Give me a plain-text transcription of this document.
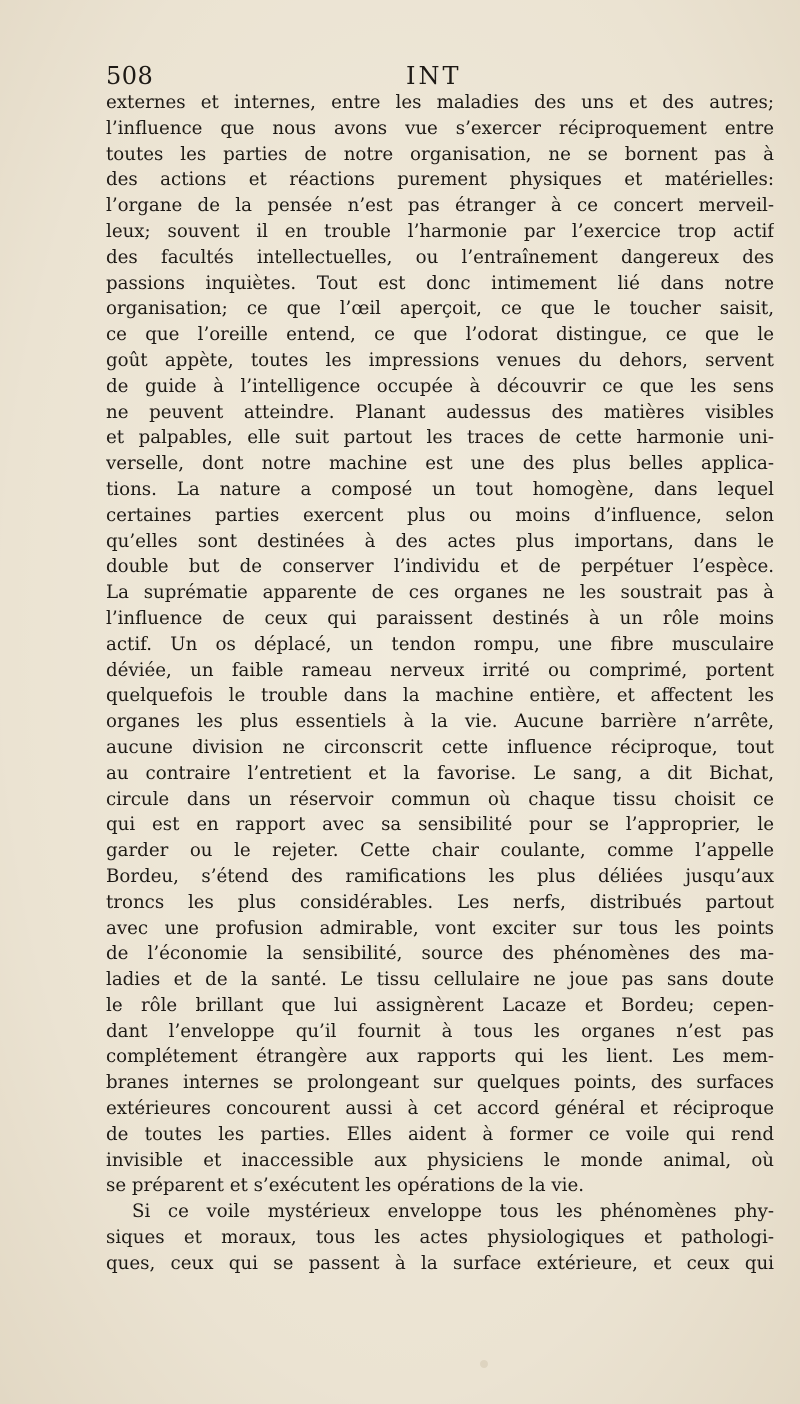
508	INT
externes et internes, entre les maladies des uns et des autres;
l’influence que nous avons vue s’exercer réciproquement entre
toutes les parties de notre organisation, ne se bornent pas à
des actions et réactions purement physiques et matérielles:
l’organe de la pensée n’est pas étranger à ce concert merveil-
leux; souvent il en trouble l’harmonie par l’exercice trop actif
des facultés intellectuelles, ou l’entraînement dangereux des
passions inquiètes. Tout est donc intimement lié dans notre
organisation; ce que l’œil aperçoit, ce que le toucher saisit,
ce que l’oreille entend, ce que l’odorat distingue, ce que le
goût appète, toutes les impressions venues du dehors, servent
de guide à l’intelligence occupée à découvrir ce que les sens
ne peuvent atteindre. Planant audessus des matières visibles
et palpables, elle suit partout les traces de cette harmonie uni-
verselle, dont notre machine est une des plus belles applica-
tions. La nature a composé un tout homogène, dans lequel
certaines parties exercent plus ou moins d’influence, selon
qu’elles sont destinées à des actes plus importans, dans le
double but de conserver l’individu et de perpétuer l’espèce.
La suprématie apparente de ces organes ne les soustrait pas à
l’influence de ceux qui paraissent destinés à un rôle moins
actif. Un os déplacé, un tendon rompu, une fibre musculaire
déviée, un faible rameau nerveux irrité ou comprimé, portent
quelquefois le trouble dans la machine entière, et affectent les
organes les plus essentiels à la vie. Aucune barrière n’arrête,
aucune division ne circonscrit cette influence réciproque, tout
au contraire l’entretient et la favorise. Le sang, a dit Bichat,
circule dans un réservoir commun où chaque tissu choisit ce
qui est en rapport avec sa sensibilité pour se l’approprier, le
garder ou le rejeter. Cette chair coulante, comme l’appelle
Bordeu, s’étend des ramifications les plus déliées jusqu’aux
troncs les plus considérables. Les nerfs, distribués partout
avec une profusion admirable, vont exciter sur tous les points
de l’économie la sensibilité, source des phénomènes des ma-
ladies et de la santé. Le tissu cellulaire ne joue pas sans doute
le rôle brillant que lui assignèrent Lacaze et Bordeu; cepen-
dant l’enveloppe qu’il fournit à tous les organes n’est pas
complétement étrangère aux rapports qui les lient. Les mem-
branes internes se prolongeant sur quelques points, des surfaces
extérieures concourent aussi à cet accord général et réciproque
de toutes les parties. Elles aident à former ce voile qui rend
invisible et inaccessible aux physiciens le monde animal, où
se préparent et s’exécutent les opérations de la vie.
Si ce voile mystérieux enveloppe tous les phénomènes phy-
siques et moraux, tous les actes physiologiques et pathologi-
ques, ceux qui se passent à la surface extérieure, et ceux qui
